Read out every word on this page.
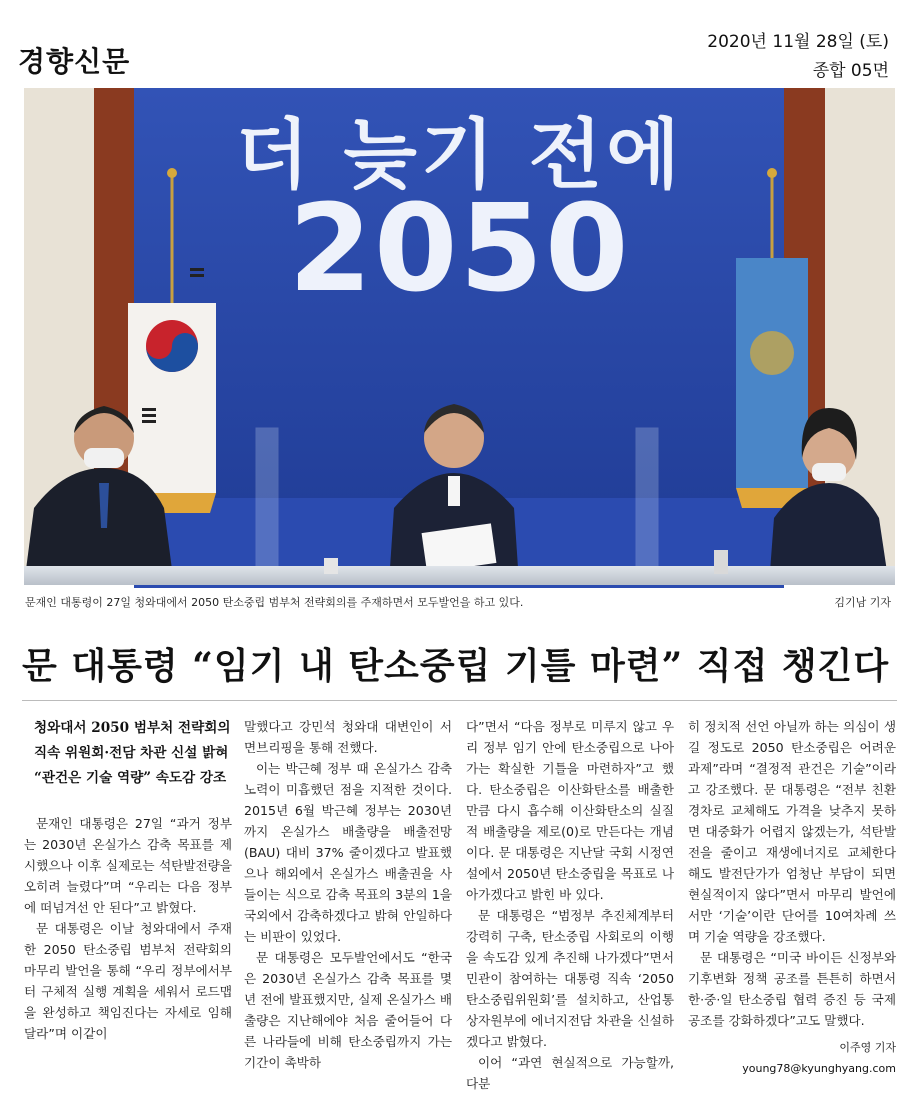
경향신문
2020년 11월 28일 (토)
종합 05면
더 늦기 전에
2050
문재인 대통령이 27일 청와대에서 2050 탄소중립 범부처 전략회의를 주재하면서 모두발언을 하고 있다.	김기남 기자
문 대통령 “임기 내 탄소중립 기틀 마련” 직접 챙긴다
청와대서 2050 범부처 전략회의
직속 위원회·전담 차관 신설 밝혀
“관건은 기술 역량” 속도감 강조

문재인 대통령은 27일 “과거 정부는 2030년 온실가스 감축 목표를 제시했으나 이후 실제로는 석탄발전량을 오히려 늘렸다”며 “우리는 다음 정부에 떠넘겨선 안 된다”고 밝혔다.

문 대통령은 이날 청와대에서 주재한 2050 탄소중립 범부처 전략회의 마무리 발언을 통해 “우리 정부에서부터 구체적 실행 계획을 세워서 로드맵을 완성하고 책임진다는 자세로 임해달라”며 이같이

말했다고 강민석 청와대 대변인이 서면브리핑을 통해 전했다.

이는 박근혜 정부 때 온실가스 감축 노력이 미흡했던 점을 지적한 것이다. 2015년 6월 박근혜 정부는 2030년까지 온실가스 배출량을 배출전망(BAU) 대비 37% 줄이겠다고 발표했으나 해외에서 온실가스 배출권을 사들이는 식으로 감축 목표의 3분의 1을 국외에서 감축하겠다고 밝혀 안일하다는 비판이 있었다.

문 대통령은 모두발언에서도 “한국은 2030년 온실가스 감축 목표를 몇 년 전에 발표했지만, 실제 온실가스 배출량은 지난해에야 처음 줄어들어 다른 나라들에 비해 탄소중립까지 가는 기간이 촉박하

다”면서 “다음 정부로 미루지 않고 우리 정부 임기 안에 탄소중립으로 나아가는 확실한 기틀을 마련하자”고 했다. 탄소중립은 이산화탄소를 배출한 만큼 다시 흡수해 이산화탄소의 실질적 배출량을 제로(0)로 만든다는 개념이다. 문 대통령은 지난달 국회 시정연설에서 2050년 탄소중립을 목표로 나아가겠다고 밝힌 바 있다.

문 대통령은 “범정부 추진체계부터 강력히 구축, 탄소중립 사회로의 이행을 속도감 있게 추진해 나가겠다”면서 민관이 참여하는 대통령 직속 ‘2050 탄소중립위원회’를 설치하고, 산업통상자원부에 에너지전담 차관을 신설하겠다고 밝혔다.

이어 “과연 현실적으로 가능할까, 다분

히 정치적 선언 아닐까 하는 의심이 생길 정도로 2050 탄소중립은 어려운 과제”라며 “결정적 관건은 기술”이라고 강조했다. 문 대통령은 “전부 친환경차로 교체해도 가격을 낮추지 못하면 대중화가 어렵지 않겠는가, 석탄발전을 줄이고 재생에너지로 교체한다 해도 발전단가가 엄청난 부담이 되면 현실적이지 않다”면서 마무리 발언에서만 ‘기술’이란 단어를 10여차례 쓰며 기술 역량을 강조했다.

문 대통령은 “미국 바이든 신정부와 기후변화 정책 공조를 튼튼히 하면서 한·중·일 탄소중립 협력 증진 등 국제 공조를 강화하겠다”고도 말했다.

이주영 기자 young78@kyunghyang.com
